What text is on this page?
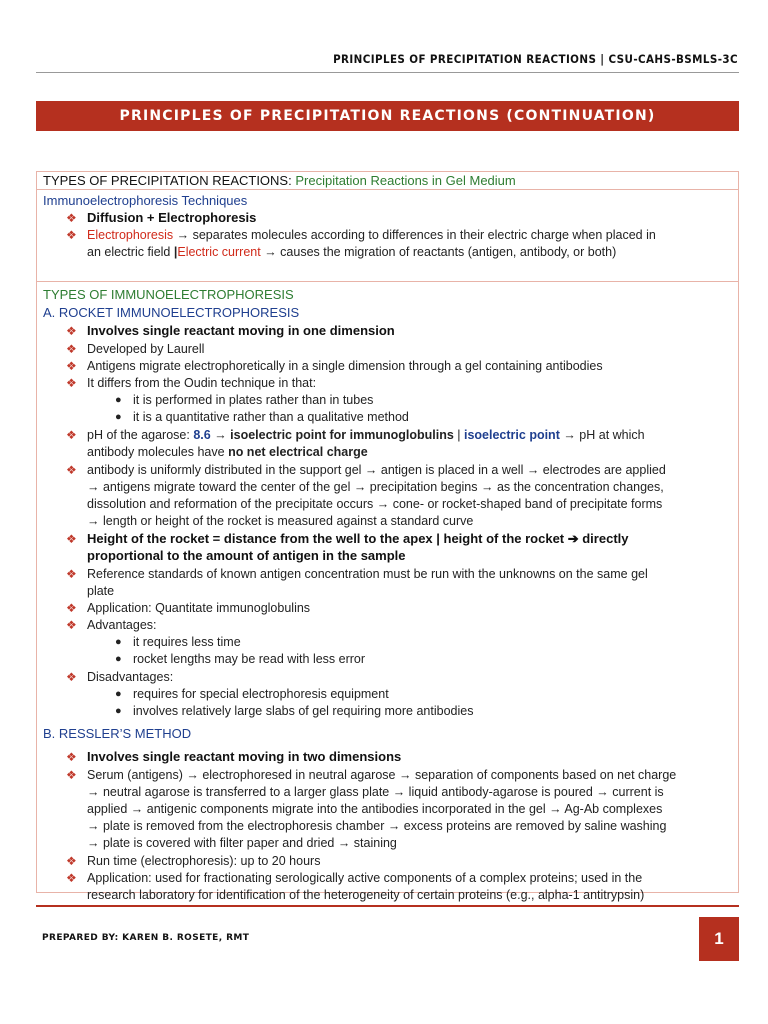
PRINCIPLES OF PRECIPITATION REACTIONS | CSU-CAHS-BSMLS-3C
PRINCIPLES OF PRECIPITATION REACTIONS (CONTINUATION)
TYPES OF PRECIPITATION REACTIONS: Precipitation Reactions in Gel Medium
Immunoelectrophoresis Techniques
❖ Diffusion + Electrophoresis
❖ Electrophoresis → separates molecules according to differences in their electric charge when placed in
an electric field |Electric current → causes the migration of reactants (antigen, antibody, or both)
TYPES OF IMMUNOELECTROPHORESIS
A. ROCKET IMMUNOELECTROPHORESIS
❖ Involves single reactant moving in one dimension
❖ Developed by Laurell
❖ Antigens migrate electrophoretically in a single dimension through a gel containing antibodies
❖ It differs from the Oudin technique in that:
● it is performed in plates rather than in tubes
● it is a quantitative rather than a qualitative method
❖ pH of the agarose: 8.6 → isoelectric point for immunoglobulins | isoelectric point → pH at which
antibody molecules have no net electrical charge
❖ antibody is uniformly distributed in the support gel → antigen is placed in a well → electrodes are applied
→ antigens migrate toward the center of the gel → precipitation begins → as the concentration changes,
dissolution and reformation of the precipitate occurs → cone- or rocket-shaped band of precipitate forms
→ length or height of the rocket is measured against a standard curve
❖ Height of the rocket = distance from the well to the apex | height of the rocket ➔ directly
proportional to the amount of antigen in the sample
❖ Reference standards of known antigen concentration must be run with the unknowns on the same gel
plate
❖ Application: Quantitate immunoglobulins
❖ Advantages:
● it requires less time
● rocket lengths may be read with less error
❖ Disadvantages:
● requires for special electrophoresis equipment
● involves relatively large slabs of gel requiring more antibodies
B. RESSLER’S METHOD
❖ Involves single reactant moving in two dimensions
❖ Serum (antigens) → electrophoresed in neutral agarose → separation of components based on net charge
→ neutral agarose is transferred to a larger glass plate → liquid antibody-agarose is poured → current is
applied → antigenic components migrate into the antibodies incorporated in the gel → Ag-Ab complexes
→ plate is removed from the electrophoresis chamber → excess proteins are removed by saline washing
→ plate is covered with filter paper and dried → staining
❖ Run time (electrophoresis): up to 20 hours
❖ Application: used for fractionating serologically active components of a complex proteins; used in the
research laboratory for identification of the heterogeneity of certain proteins (e.g., alpha-1 antitrypsin)
PREPARED BY: KAREN B. ROSETE, RMT	1
